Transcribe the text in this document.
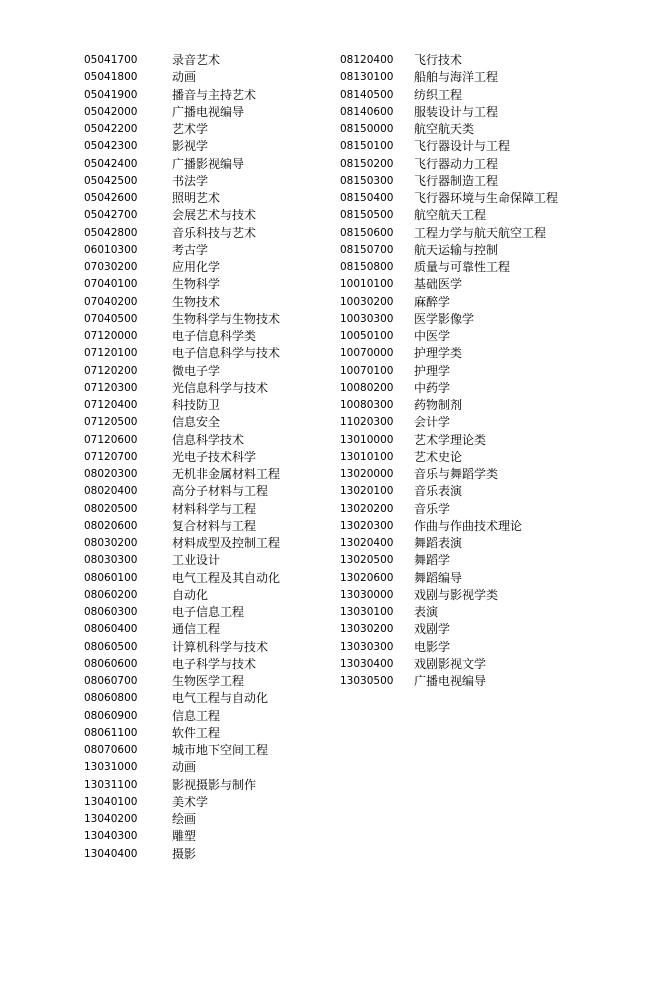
05041700	录音艺术
05041800	动画
05041900	播音与主持艺术
05042000	广播电视编导
05042200	艺术学
05042300	影视学
05042400	广播影视编导
05042500	书法学
05042600	照明艺术
05042700	会展艺术与技术
05042800	音乐科技与艺术
06010300	考古学
07030200	应用化学
07040100	生物科学
07040200	生物技术
07040500	生物科学与生物技术
07120000	电子信息科学类
07120100	电子信息科学与技术
07120200	微电子学
07120300	光信息科学与技术
07120400	科技防卫
07120500	信息安全
07120600	信息科学技术
07120700	光电子技术科学
08020300	无机非金属材料工程
08020400	高分子材料与工程
08020500	材料科学与工程
08020600	复合材料与工程
08030200	材料成型及控制工程
08030300	工业设计
08060100	电气工程及其自动化
08060200	自动化
08060300	电子信息工程
08060400	通信工程
08060500	计算机科学与技术
08060600	电子科学与技术
08060700	生物医学工程
08060800	电气工程与自动化
08060900	信息工程
08061100	软件工程
08070600	城市地下空间工程
13031000	动画
13031100	影视摄影与制作
13040100	美术学
13040200	绘画
13040300	雕塑
13040400	摄影
08120400	飞行技术
08130100	船舶与海洋工程
08140500	纺织工程
08140600	服装设计与工程
08150000	航空航天类
08150100	飞行器设计与工程
08150200	飞行器动力工程
08150300	飞行器制造工程
08150400	飞行器环境与生命保障工程
08150500	航空航天工程
08150600	工程力学与航天航空工程
08150700	航天运输与控制
08150800	质量与可靠性工程
10010100	基础医学
10030200	麻醉学
10030300	医学影像学
10050100	中医学
10070000	护理学类
10070100	护理学
10080200	中药学
10080300	药物制剂
11020300	会计学
13010000	艺术学理论类
13010100	艺术史论
13020000	音乐与舞蹈学类
13020100	音乐表演
13020200	音乐学
13020300	作曲与作曲技术理论
13020400	舞蹈表演
13020500	舞蹈学
13020600	舞蹈编导
13030000	戏剧与影视学类
13030100	表演
13030200	戏剧学
13030300	电影学
13030400	戏剧影视文学
13030500	广播电视编导
